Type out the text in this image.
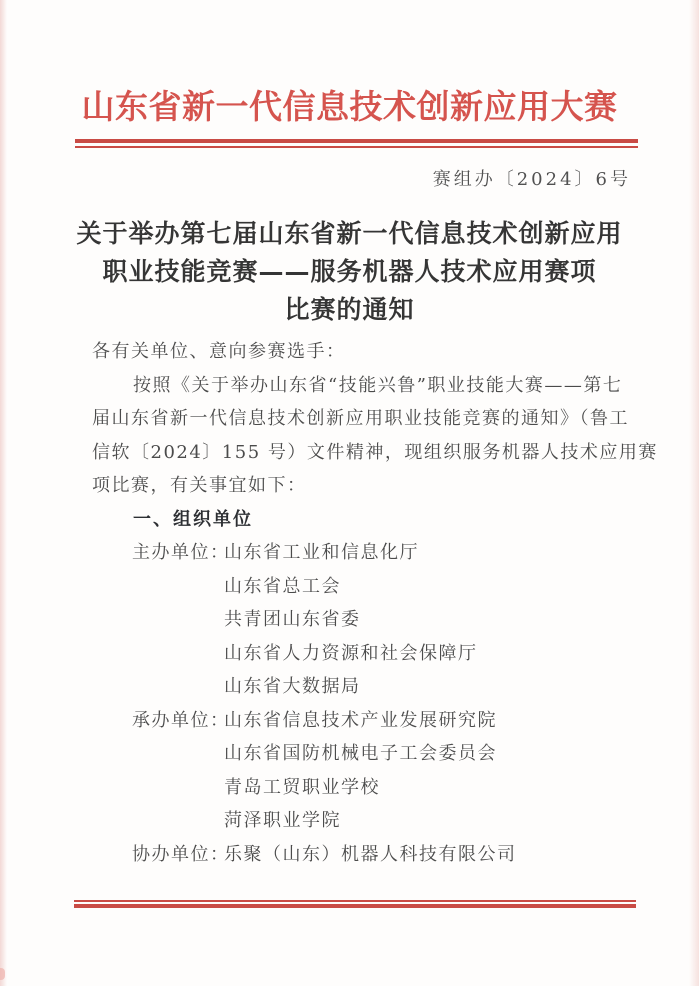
山东省新一代信息技术创新应用大赛
赛组办〔2024〕6号
关于举办第七届山东省新一代信息技术创新应用
职业技能竞赛——服务机器人技术应用赛项
比赛的通知
各有关单位、意向参赛选手：
按照《关于举办山东省“技能兴鲁”职业技能大赛——第七
届山东省新一代信息技术创新应用职业技能竞赛的通知》（鲁工
信软〔2024〕155 号）文件精神，现组织服务机器人技术应用赛
项比赛，有关事宜如下：
一、组织单位
主办单位：
山东省工业和信息化厅
山东省总工会
共青团山东省委
山东省人力资源和社会保障厅
山东省大数据局
承办单位：
山东省信息技术产业发展研究院
山东省国防机械电子工会委员会
青岛工贸职业学校
菏泽职业学院
协办单位：
乐聚（山东）机器人科技有限公司
